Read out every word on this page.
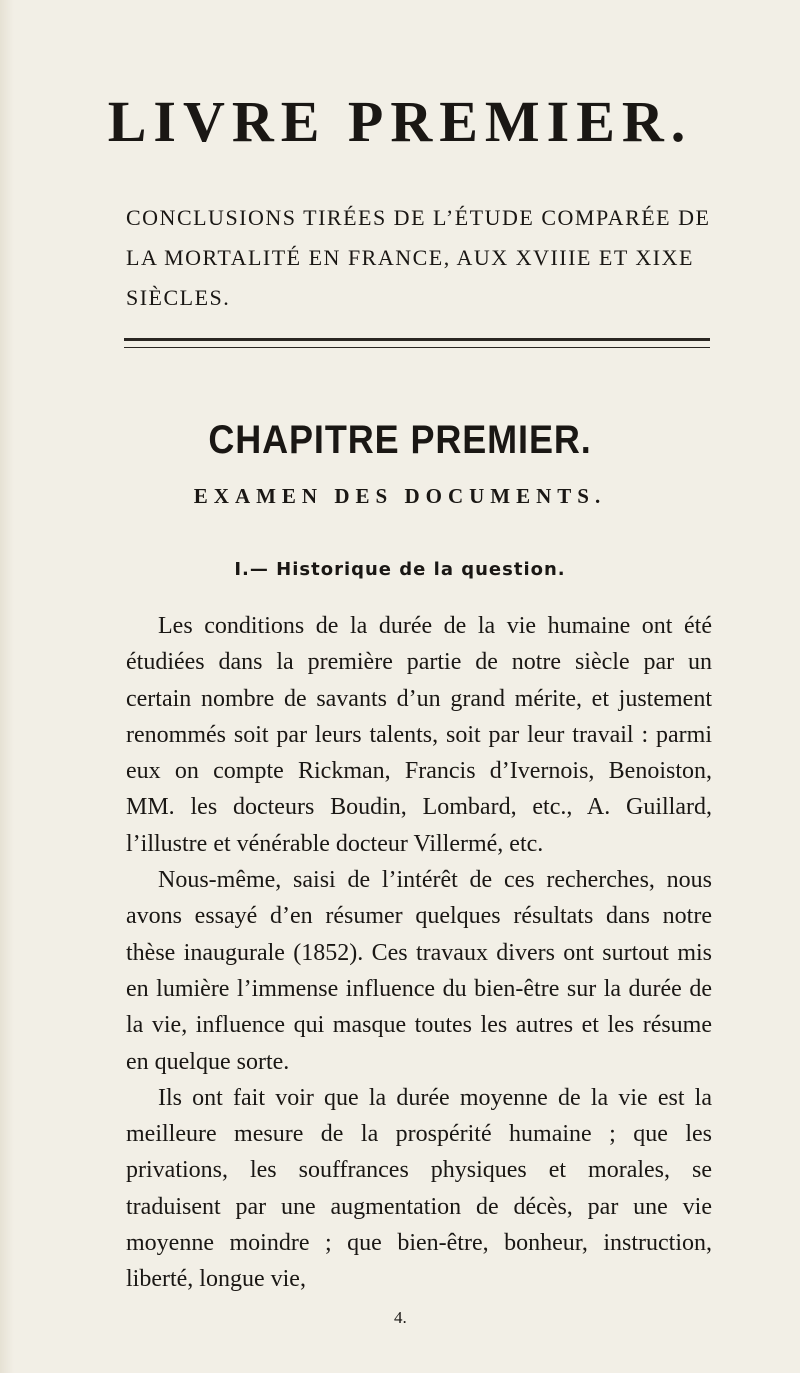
LIVRE PREMIER.

CONCLUSIONS TIRÉES DE L’ÉTUDE COMPARÉE DE LA MORTALITÉ EN FRANCE, AUX XVIIIE ET XIXE SIÈCLES.

CHAPITRE PREMIER.
EXAMEN DES DOCUMENTS.
I.— Historique de la question.

Les conditions de la durée de la vie humaine ont été étudiées dans la première partie de notre siècle par un certain nombre de savants d’un grand mérite, et justement renommés soit par leurs talents, soit par leur travail : parmi eux on compte Rickman, Francis d’Ivernois, Benoiston, MM. les docteurs Boudin, Lombard, etc., A. Guillard, l’illustre et vénérable docteur Villermé, etc.

Nous-même, saisi de l’intérêt de ces recherches, nous avons essayé d’en résumer quelques résultats dans notre thèse inaugurale (1852). Ces travaux divers ont surtout mis en lumière l’immense influence du bien-être sur la durée de la vie, influence qui masque toutes les autres et les résume en quelque sorte.

Ils ont fait voir que la durée moyenne de la vie est la meilleure mesure de la prospérité humaine ; que les privations, les souffrances physiques et morales, se traduisent par une augmentation de décès, par une vie moyenne moindre ; que bien-être, bonheur, instruction, liberté, longue vie,

4.
